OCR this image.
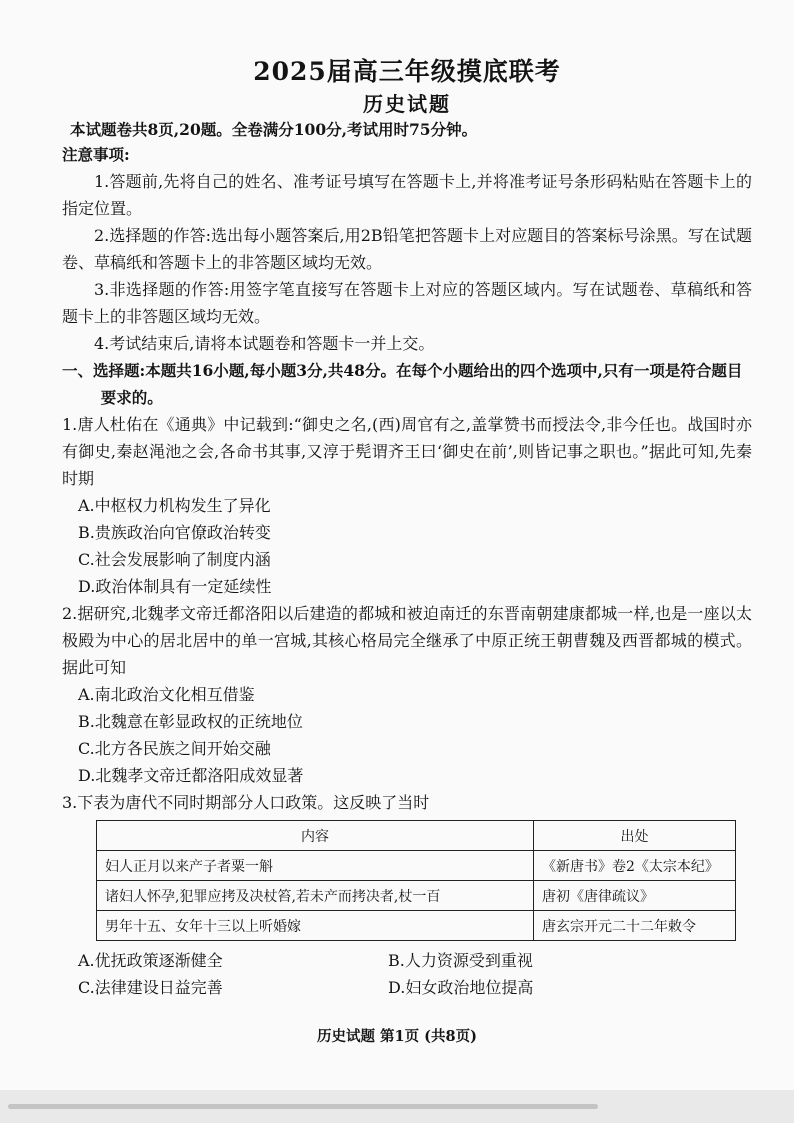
2025届高三年级摸底联考
历史试题
本试题卷共8页,20题。全卷满分100分,考试用时75分钟。
注意事项:
1.答题前,先将自己的姓名、准考证号填写在答题卡上,并将准考证号条形码粘贴在答题卡上的指定位置。
2.选择题的作答:选出每小题答案后,用2B铅笔把答题卡上对应题目的答案标号涂黑。写在试题卷、草稿纸和答题卡上的非答题区域均无效。
3.非选择题的作答:用签字笔直接写在答题卡上对应的答题区域内。写在试题卷、草稿纸和答题卡上的非答题区域均无效。
4.考试结束后,请将本试题卷和答题卡一并上交。
一、选择题:本题共16小题,每小题3分,共48分。在每个小题给出的四个选项中,只有一项是符合题目要求的。
1.唐人杜佑在《通典》中记载到:“御史之名,(西)周官有之,盖掌赞书而授法令,非今任也。战国时亦有御史,秦赵渑池之会,各命书其事,又淳于髡谓齐王曰‘御史在前’,则皆记事之职也。”据此可知,先秦时期
A.中枢权力机构发生了异化
B.贵族政治向官僚政治转变
C.社会发展影响了制度内涵
D.政治体制具有一定延续性
2.据研究,北魏孝文帝迁都洛阳以后建造的都城和被迫南迁的东晋南朝建康都城一样,也是一座以太极殿为中心的居北居中的单一宫城,其核心格局完全继承了中原正统王朝曹魏及西晋都城的模式。据此可知
A.南北政治文化相互借鉴
B.北魏意在彰显政权的正统地位
C.北方各民族之间开始交融
D.北魏孝文帝迁都洛阳成效显著
3.下表为唐代不同时期部分人口政策。这反映了当时
内容	出处
妇人正月以来产子者粟一斛	《新唐书》卷2《太宗本纪》
诸妇人怀孕,犯罪应拷及决杖笞,若未产而拷决者,杖一百	唐初《唐律疏议》
男年十五、女年十三以上听婚嫁	唐玄宗开元二十二年敕令
A.优抚政策逐渐健全	B.人力资源受到重视
C.法律建设日益完善	D.妇女政治地位提高
历史试题 第1页 (共8页)
